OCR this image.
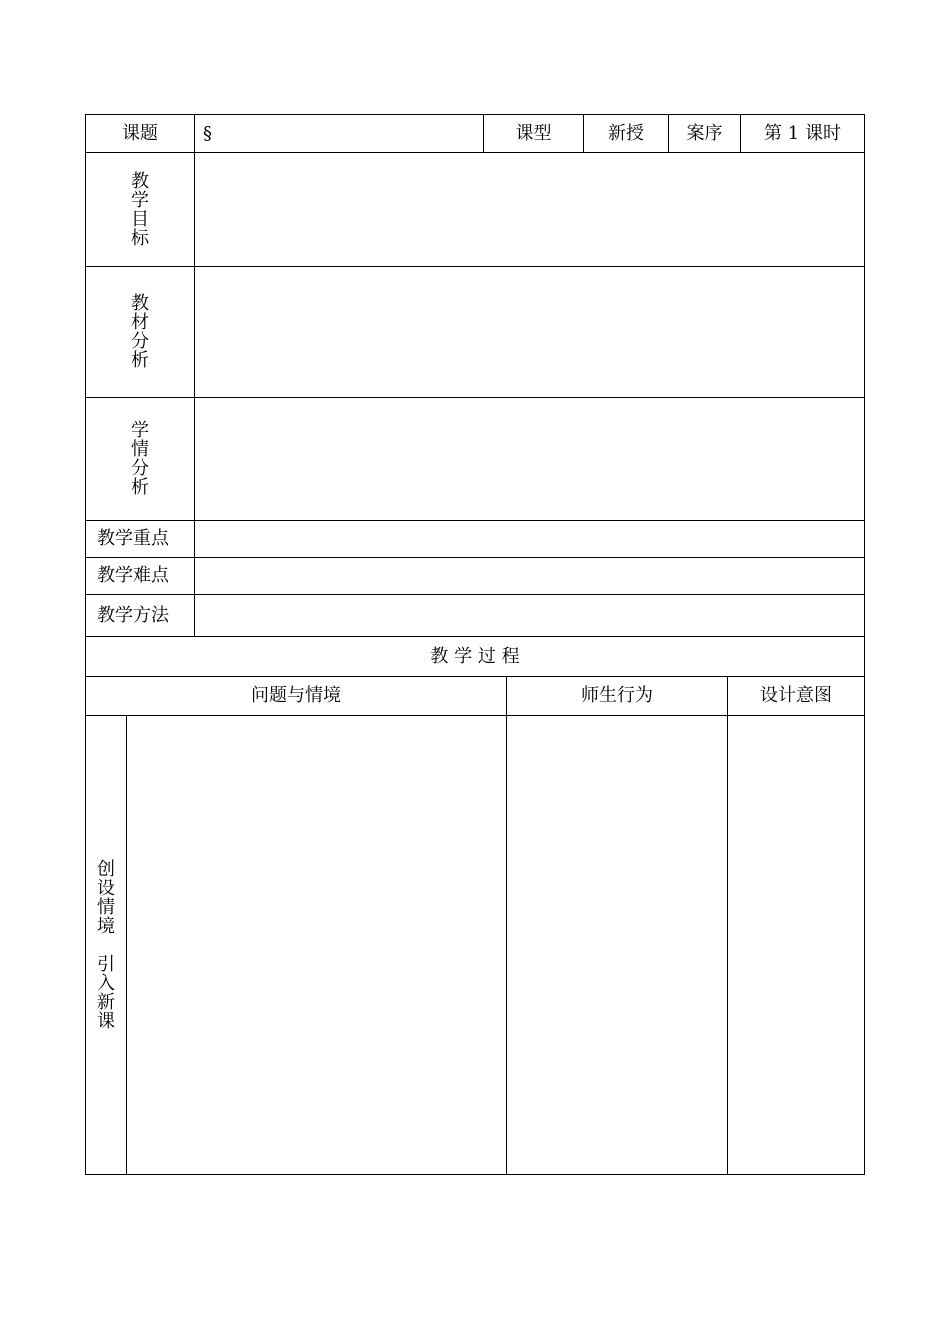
课题	§	课型	新授	案序	第 1 课时
教学目标
教材分析
学情分析
教学重点
教学难点
教学方法
教 学 过 程
问题与情境	师生行为	设计意图
创设情境
引入新课
